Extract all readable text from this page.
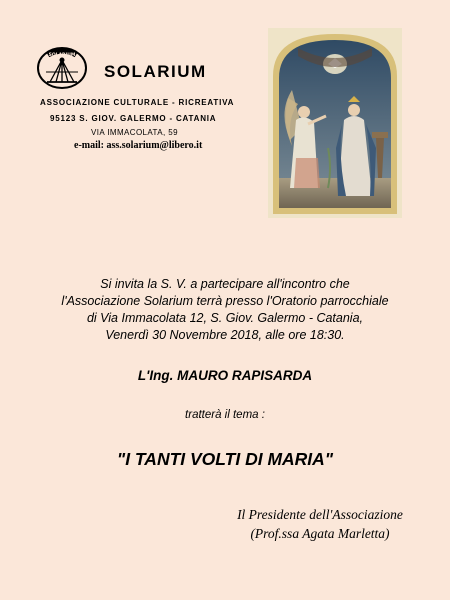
SOLARIUM
SOLARIUM
ASSOCIAZIONE CULTURALE - RICREATIVA
95123 S. GIOV. GALERMO - CATANIA
VIA IMMACOLATA, 59
e-mail: ass.solarium@libero.it
Si invita la S. V. a partecipare all'incontro che
l'Associazione Solarium terrà presso l'Oratorio parrocchiale
di Via Immacolata 12, S. Giov. Galermo - Catania,
Venerdì 30 Novembre 2018, alle ore 18:30.
L'Ing. MAURO RAPISARDA
tratterà il tema :
"I TANTI VOLTI DI MARIA"
Il Presidente dell'Associazione
(Prof.ssa Agata Marletta)
